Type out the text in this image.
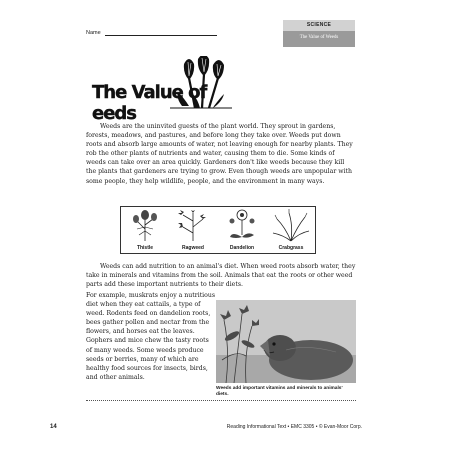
Name
SCIENCE
The Value of Weeds
The Value ofeeds

Weeds are the uninvited guests of the plant world. They sprout in gardens, forests, meadows, and pastures, and before long they take over. Weeds put down roots and absorb large amounts of water, not leaving enough for nearby plants. They rob the other plants of nutrients and water, causing them to die. Some kinds of weeds can take over an area quickly. Gardeners don't like weeds because they kill the plants that gardeners are trying to grow. Even though weeds are unpopular with some people, they help wildlife, people, and the environment in many ways.

Thistle	Ragweed	Dandelion	Crabgrass

Weeds can add nutrition to an animal's diet. When weed roots absorb water, they take in minerals and vitamins from the soil. Animals that eat the roots or other weed parts add these important nutrients to their diets.

For example, muskrats enjoy a nutritious diet when they eat cattails, a type of weed. Rodents feed on dandelion roots, bees gather pollen and nectar from the flowers, and horses eat the leaves. Gophers and mice chew the tasty roots of many weeds. Some weeds produce seeds or berries, many of which are healthy food sources for insects, birds, and other animals.

Weeds add important vitamins and minerals to animals' diets.
14	Reading Informational Text • EMC 3305 • © Evan-Moor Corp.
